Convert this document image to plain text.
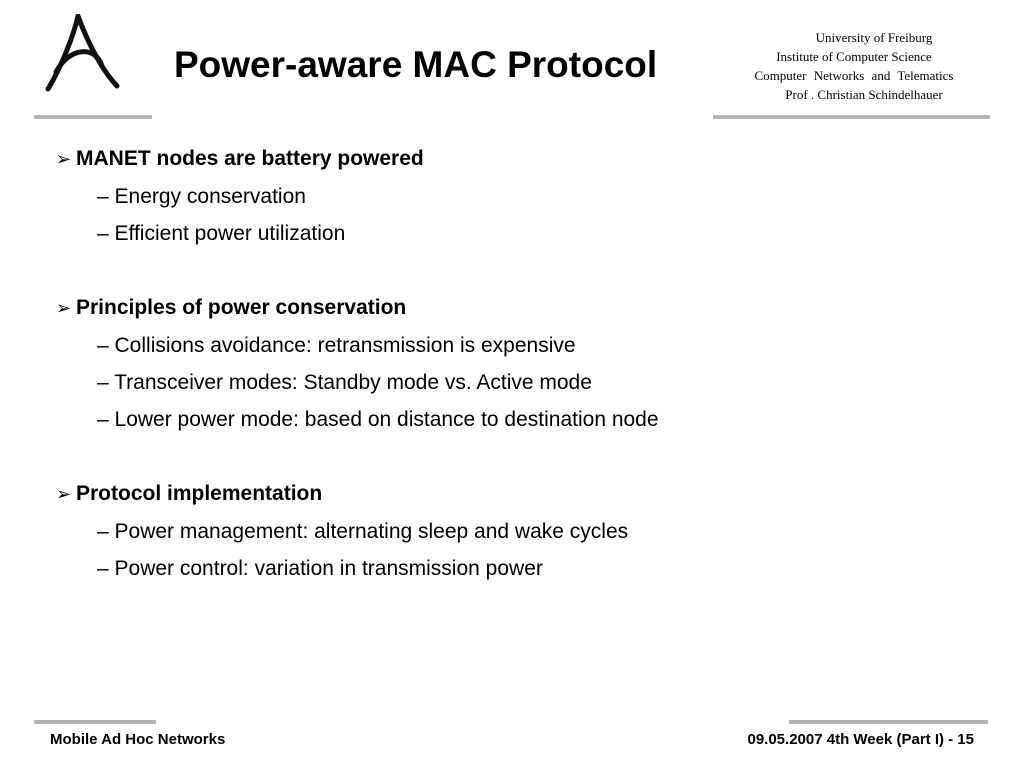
Power-aware MAC Protocol
University of Freiburg
Institute of Computer Science
Computer Networks and Telematics
Prof . Christian Schindelhauer
➢ MANET nodes are battery powered
– Energy conservation
– Efficient power utilization
➢ Principles of power conservation
– Collisions avoidance: retransmission is expensive
– Transceiver modes: Standby mode vs. Active mode
– Lower power mode: based on distance to destination node
➢ Protocol implementation
– Power management: alternating sleep and wake cycles
– Power control: variation in transmission power
Mobile Ad Hoc Networks	09.05.2007 4th Week (Part I) - 15
